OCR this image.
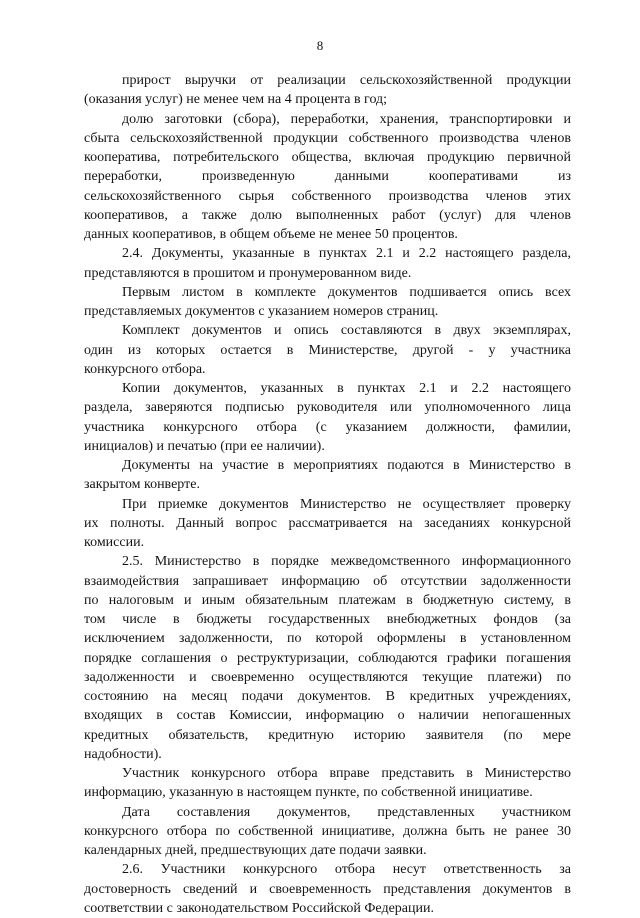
8
прирост выручки от реализации сельскохозяйственной продукции
(оказания услуг) не менее чем на 4 процента в год;
долю заготовки (сбора), переработки, хранения, транспортировки и
сбыта сельскохозяйственной продукции собственного производства членов
кооператива, потребительского общества, включая продукцию первичной
переработки, произведенную данными кооперативами из
сельскохозяйственного сырья собственного производства членов этих
кооперативов, а также долю выполненных работ (услуг) для членов
данных кооперативов, в общем объеме не менее 50 процентов.
2.4. Документы, указанные в пунктах 2.1 и 2.2 настоящего раздела,
представляются в прошитом и пронумерованном виде.
Первым листом в комплекте документов подшивается опись всех
представляемых документов с указанием номеров страниц.
Комплект документов и опись составляются в двух экземплярах,
один из которых остается в Министерстве, другой - у участника
конкурсного отбора.
Копии документов, указанных в пунктах 2.1 и 2.2 настоящего
раздела, заверяются подписью руководителя или уполномоченного лица
участника конкурсного отбора (с указанием должности, фамилии,
инициалов) и печатью (при ее наличии).
Документы на участие в мероприятиях подаются в Министерство в
закрытом конверте.
При приемке документов Министерство не осуществляет проверку
их полноты. Данный вопрос рассматривается на заседаниях конкурсной
комиссии.
2.5. Министерство в порядке межведомственного информационного
взаимодействия запрашивает информацию об отсутствии задолженности
по налоговым и иным обязательным платежам в бюджетную систему, в
том числе в бюджеты государственных внебюджетных фондов (за
исключением задолженности, по которой оформлены в установленном
порядке соглашения о реструктуризации, соблюдаются графики погашения
задолженности и своевременно осуществляются текущие платежи) по
состоянию на месяц подачи документов. В кредитных учреждениях,
входящих в состав Комиссии, информацию о наличии непогашенных
кредитных обязательств, кредитную историю заявителя (по мере
надобности).
Участник конкурсного отбора вправе представить в Министерство
информацию, указанную в настоящем пункте, по собственной инициативе.
Дата составления документов, представленных участником
конкурсного отбора по собственной инициативе, должна быть не ранее 30
календарных дней, предшествующих дате подачи заявки.
2.6. Участники конкурсного отбора несут ответственность за
достоверность сведений и своевременность представления документов в
соответствии с законодательством Российской Федерации.
